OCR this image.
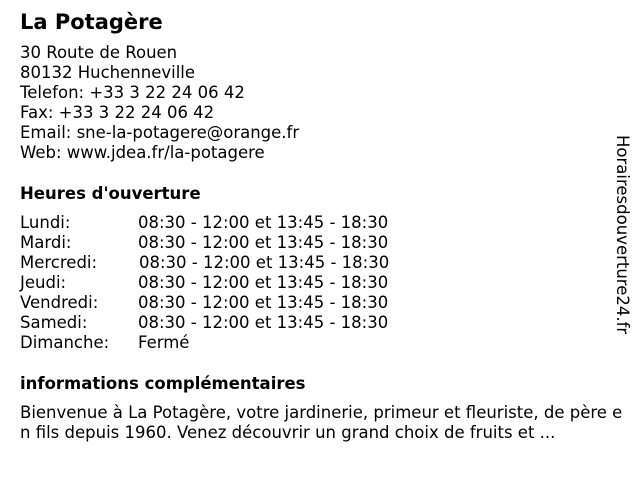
La Potagère
30 Route de Rouen
80132 Huchenneville
Telefon: +33 3 22 24 06 42
Fax: +33 3 22 24 06 42
Email: sne-la-potagere@orange.fr
Web: www.jdea.fr/la-potagere
Heures d'ouverture
Lundi:	08:30 - 12:00 et 13:45 - 18:30
Mardi:	08:30 - 12:00 et 13:45 - 18:30
Mercredi:	08:30 - 12:00 et 13:45 - 18:30
Jeudi:	08:30 - 12:00 et 13:45 - 18:30
Vendredi: 08:30 - 12:00 et 13:45 - 18:30
Samedi:	08:30 - 12:00 et 13:45 - 18:30
Dimanche: Fermé
informations complémentaires
Bienvenue à La Potagère, votre jardinerie, primeur et fleuriste, de père en fils depuis 1960. Venez découvrir un grand choix de fruits et ...
Horairesdouverture24.fr
